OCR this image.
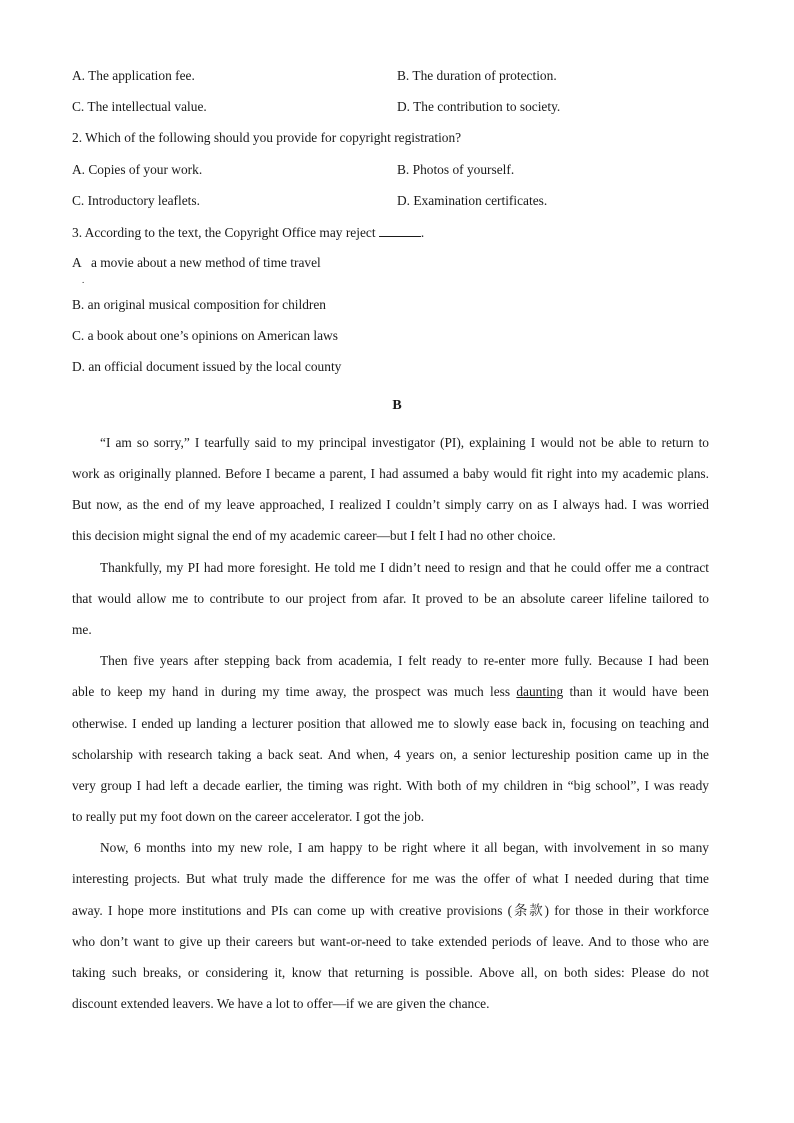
A. The application fee.	B. The duration of protection.
C. The intellectual value.	D. The contribution to society.
2. Which of the following should you provide for copyright registration?
A. Copies of your work.	B. Photos of yourself.
C. Introductory leaflets.	D. Examination certificates.
3. According to the text, the Copyright Office may reject	.
A   a movie about a new method of time travel
.
B. an original musical composition for children
C. a book about one’s opinions on American laws
D. an official document issued by the local county
B
“I am so sorry,” I tearfully said to my principal investigator (PI), explaining I would not be able to return to
work as originally planned. Before I became a parent, I had assumed a baby would fit right into my academic plans.
But now, as the end of my leave approached, I realized I couldn’t simply carry on as I always had. I was worried
this decision might signal the end of my academic career—but I felt I had no other choice.
Thankfully, my PI had more foresight. He told me I didn’t need to resign and that he could offer me a contract
that would allow me to contribute to our project from afar. It proved to be an absolute career lifeline tailored to
me.
Then five years after stepping back from academia, I felt ready to re-enter more fully. Because I had been
able to keep my hand in during my time away, the prospect was much less daunting than it would have been
otherwise. I ended up landing a lecturer position that allowed me to slowly ease back in, focusing on teaching and
scholarship with research taking a back seat. And when, 4 years on, a senior lectureship position came up in the
very group I had left a decade earlier, the timing was right. With both of my children in “big school”, I was ready
to really put my foot down on the career accelerator. I got the job.
Now, 6 months into my new role, I am happy to be right where it all began, with involvement in so many
interesting projects. But what truly made the difference for me was the offer of what I needed during that time
away. I hope more institutions and PIs can come up with creative provisions (条款) for those in their workforce
who don’t want to give up their careers but want-or-need to take extended periods of leave. And to those who are
taking such breaks, or considering it, know that returning is possible. Above all, on both sides: Please do not
discount extended leavers. We have a lot to offer—if we are given the chance.
